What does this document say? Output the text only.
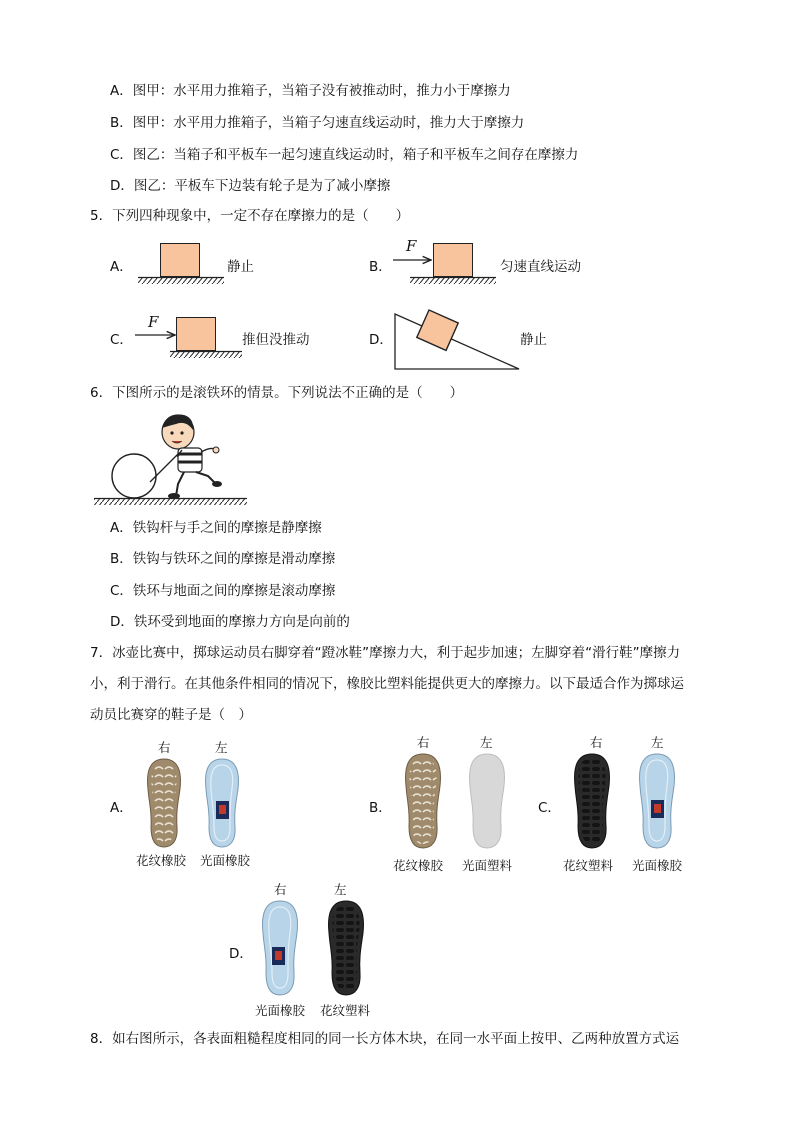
A．图甲：水平用力推箱子，当箱子没有被推动时，推力小于摩擦力
B．图甲：水平用力推箱子，当箱子匀速直线运动时，推力大于摩擦力
C．图乙：当箱子和平板车一起匀速直线运动时，箱子和平板车之间存在摩擦力
D．图乙：平板车下边装有轮子是为了减小摩擦
5．下列四种现象中，一定不存在摩擦力的是（　　）
A．	静止	B．
F
匀速直线运动
C．
F
推但没推动	D．	静止
6．下图所示的是滚铁环的情景。下列说法不正确的是（　　）
A．铁钩杆与手之间的摩擦是静摩擦
B．铁钩与铁环之间的摩擦是滑动摩擦
C．铁环与地面之间的摩擦是滚动摩擦
D．铁环受到地面的摩擦力方向是向前的
7．冰壶比赛中，掷球运动员右脚穿着“蹬冰鞋”摩擦力大，利于起步加速；左脚穿着“滑行鞋”摩擦力
小，利于滑行。在其他条件相同的情况下，橡胶比塑料能提供更大的摩擦力。以下最适合作为掷球运
动员比赛穿的鞋子是（　）
右	左
A．
花纹橡胶 光面橡胶
右	左
B．
花纹橡胶 光面塑料
右	左
C．
花纹塑料 光面橡胶
右	左
D．
光面橡胶 花纹塑料
8．如右图所示，各表面粗糙程度相同的同一长方体木块，在同一水平面上按甲、乙两种放置方式运
